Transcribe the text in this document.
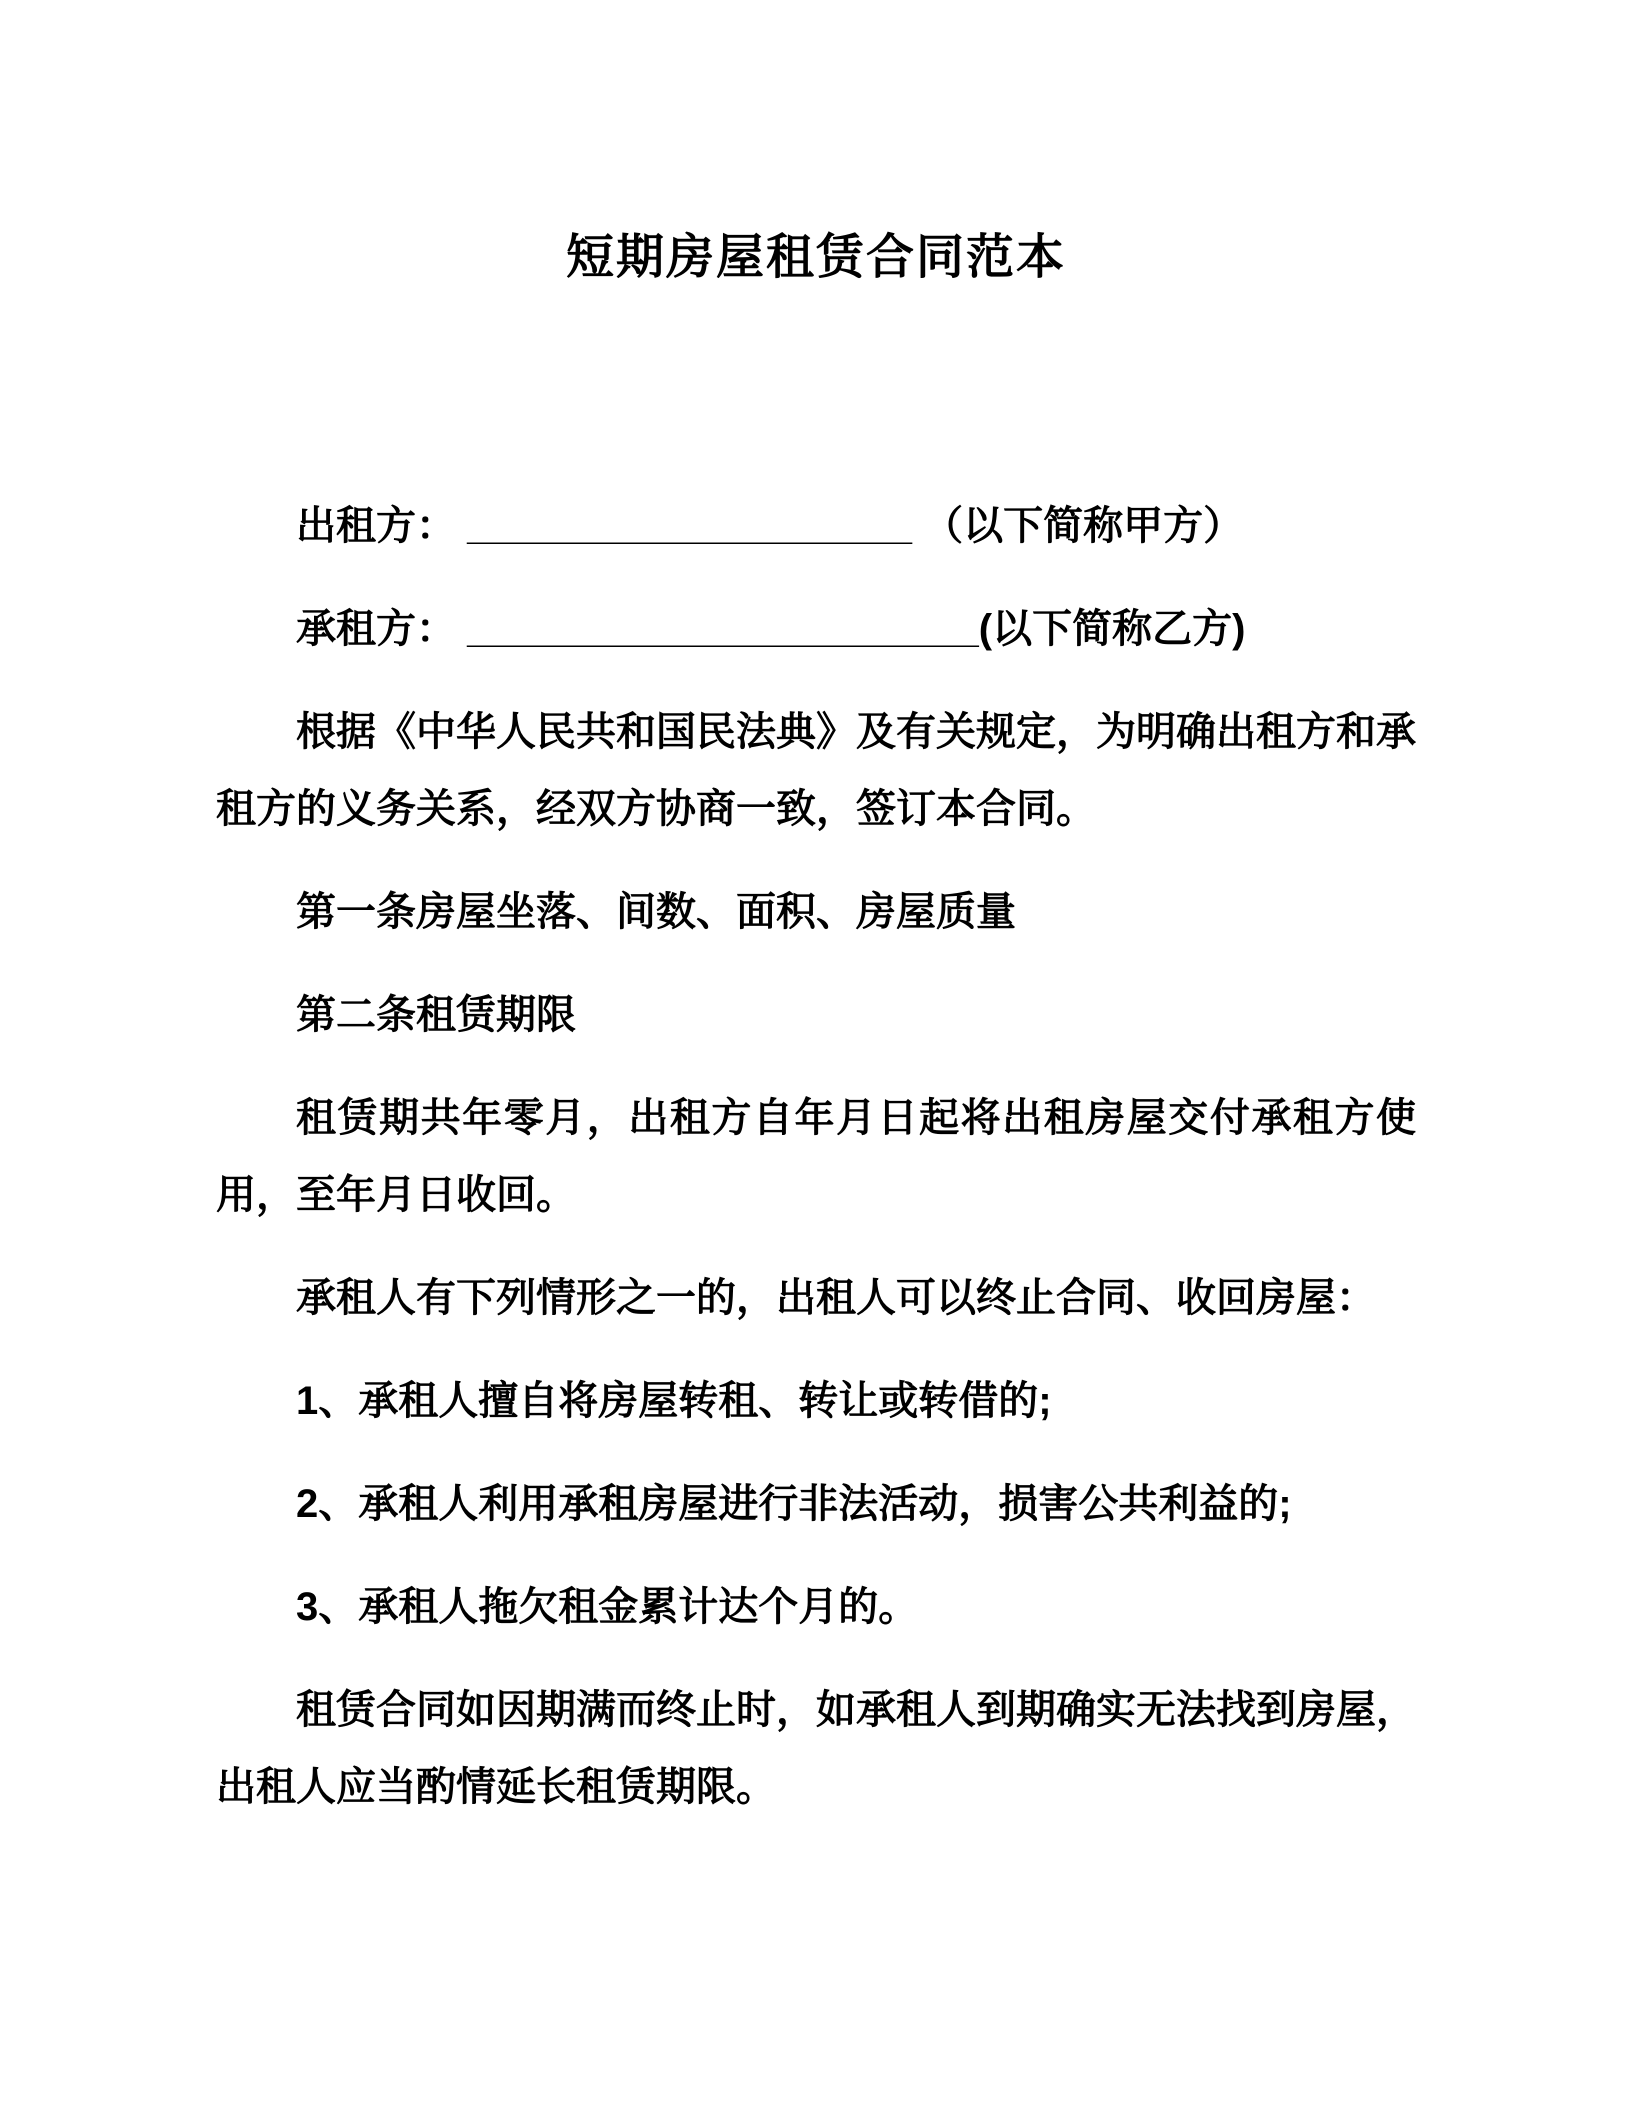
短期房屋租赁合同范本

出租方： ____________________ （以下简称甲方）

承租方： _______________________(以下简称乙方)

根据《中华人民共和国民法典》及有关规定，为明确出租方和承租方的义务关系，经双方协商一致，签订本合同。

第一条房屋坐落、间数、面积、房屋质量

第二条租赁期限

租赁期共年零月，出租方自年月日起将出租房屋交付承租方使用，至年月日收回。

承租人有下列情形之一的，出租人可以终止合同、收回房屋：

1、承租人擅自将房屋转租、转让或转借的;

2、承租人利用承租房屋进行非法活动，损害公共利益的;

3、承租人拖欠租金累计达个月的。

租赁合同如因期满而终止时，如承租人到期确实无法找到房屋，出租人应当酌情延长租赁期限。
